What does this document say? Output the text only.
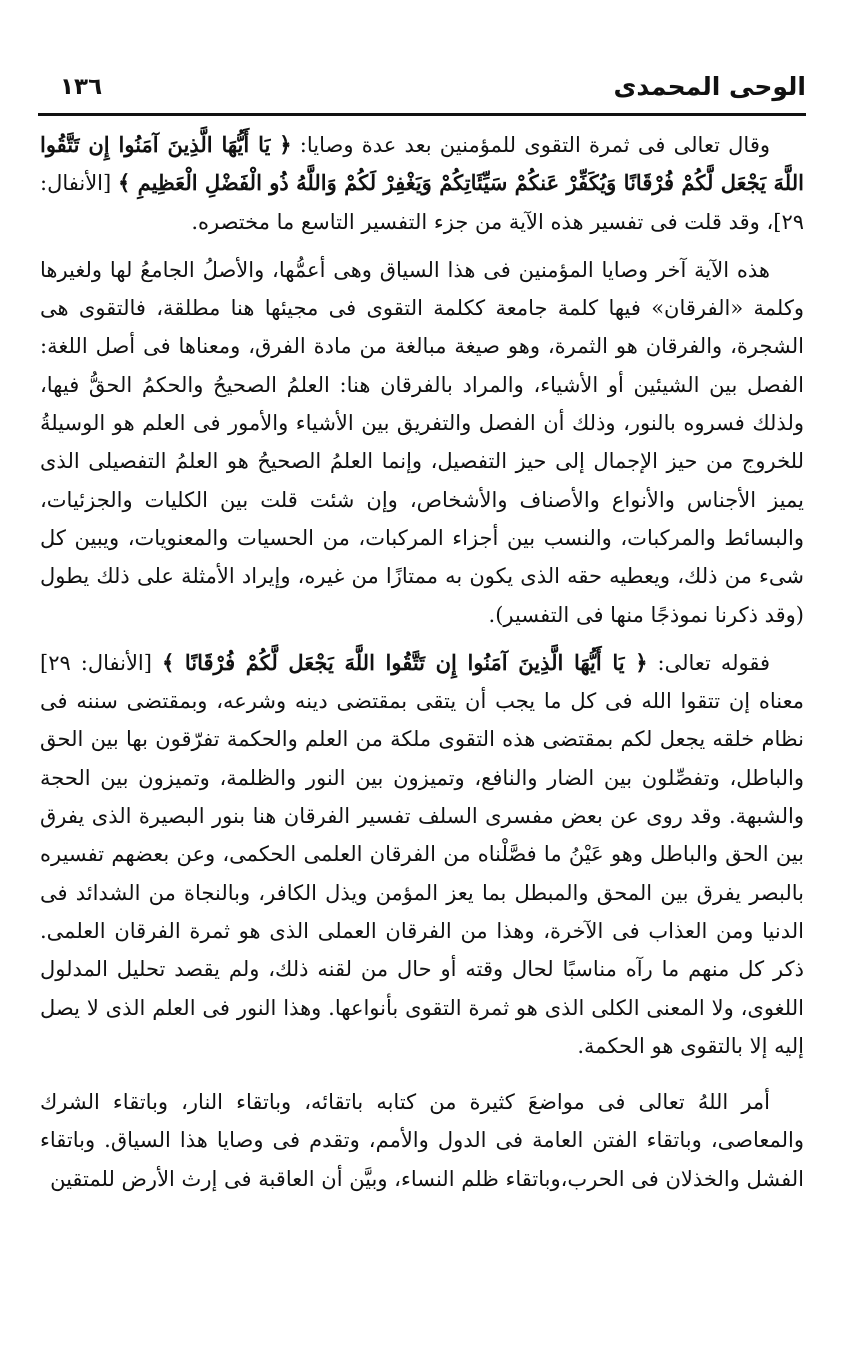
الوحى المحمدى
١٣٦

وقال تعالى فى ثمرة التقوى للمؤمنين بعد عدة وصايا: ﴿ يَا أَيُّهَا الَّذِينَ آمَنُوا إِن تَتَّقُوا اللَّهَ يَجْعَل لَّكُمْ فُرْقَانًا وَيُكَفِّرْ عَنكُمْ سَيِّئَاتِكُمْ وَيَغْفِرْ لَكُمْ وَاللَّهُ ذُو الْفَضْلِ الْعَظِيمِ ﴾ [الأنفال: ٢٩]، وقد قلت فى تفسير هذه الآية من جزء التفسير التاسع ما مختصره.

هذه الآية آخر وصايا المؤمنين فى هذا السياق وهى أعمُّها، والأصلُ الجامعُ لها ولغيرها وكلمة «الفرقان» فيها كلمة جامعة ككلمة التقوى فى مجيئها هنا مطلقة، فالتقوى هى الشجرة، والفرقان هو الثمرة، وهو صيغة مبالغة من مادة الفرق، ومعناها فى أصل اللغة: الفصل بين الشيئين أو الأشياء، والمراد بالفرقان هنا: العلمُ الصحيحُ والحكمُ الحقُّ فيها، ولذلك فسروه بالنور، وذلك أن الفصل والتفريق بين الأشياء والأمور فى العلم هو الوسيلةُ للخروج من حيز الإجمال إلى حيز التفصيل، وإنما العلمُ الصحيحُ هو العلمُ التفصيلى الذى يميز الأجناس والأنواع والأصناف والأشخاص، وإن شئت قلت بين الكليات والجزئيات، والبسائط والمركبات، والنسب بين أجزاء المركبات، من الحسيات والمعنويات، ويبين كل شىء من ذلك، ويعطيه حقه الذى يكون به ممتازًا من غيره، وإيراد الأمثلة على ذلك يطول (وقد ذكرنا نموذجًا منها فى التفسير).

فقوله تعالى: ﴿ يَا أَيُّهَا الَّذِينَ آمَنُوا إِن تَتَّقُوا اللَّهَ يَجْعَل لَّكُمْ فُرْقَانًا ﴾ [الأنفال: ٢٩] معناه إن تتقوا الله فى كل ما يجب أن يتقى بمقتضى دينه وشرعه، وبمقتضى سننه فى نظام خلقه يجعل لكم بمقتضى هذه التقوى ملكة من العلم والحكمة تفرّقون بها بين الحق والباطل، وتفصِّلون بين الضار والنافع، وتميزون بين النور والظلمة، وتميزون بين الحجة والشبهة. وقد روى عن بعض مفسرى السلف تفسير الفرقان هنا بنور البصيرة الذى يفرق بين الحق والباطل وهو عَيْنُ ما فصَّلْناه من الفرقان العلمى الحكمى، وعن بعضهم تفسيره بالبصر يفرق بين المحق والمبطل بما يعز المؤمن ويذل الكافر، وبالنجاة من الشدائد فى الدنيا ومن العذاب فى الآخرة، وهذا من الفرقان العملى الذى هو ثمرة الفرقان العلمى. ذكر كل منهم ما رآه مناسبًا لحال وقته أو حال من لقنه ذلك، ولم يقصد تحليل المدلول اللغوى، ولا المعنى الكلى الذى هو ثمرة التقوى بأنواعها. وهذا النور فى العلم الذى لا يصل إليه إلا بالتقوى هو الحكمة.

أمر اللهُ تعالى فى مواضعَ كثيرة من كتابه باتقائه، وباتقاء النار، وباتقاء الشرك والمعاصى، وباتقاء الفتن العامة فى الدول والأمم، وتقدم فى وصايا هذا السياق. وباتقاء الفشل والخذلان فى الحرب،وباتقاء ظلم النساء، وبيَّن أن العاقبة فى إرث الأرض للمتقين
